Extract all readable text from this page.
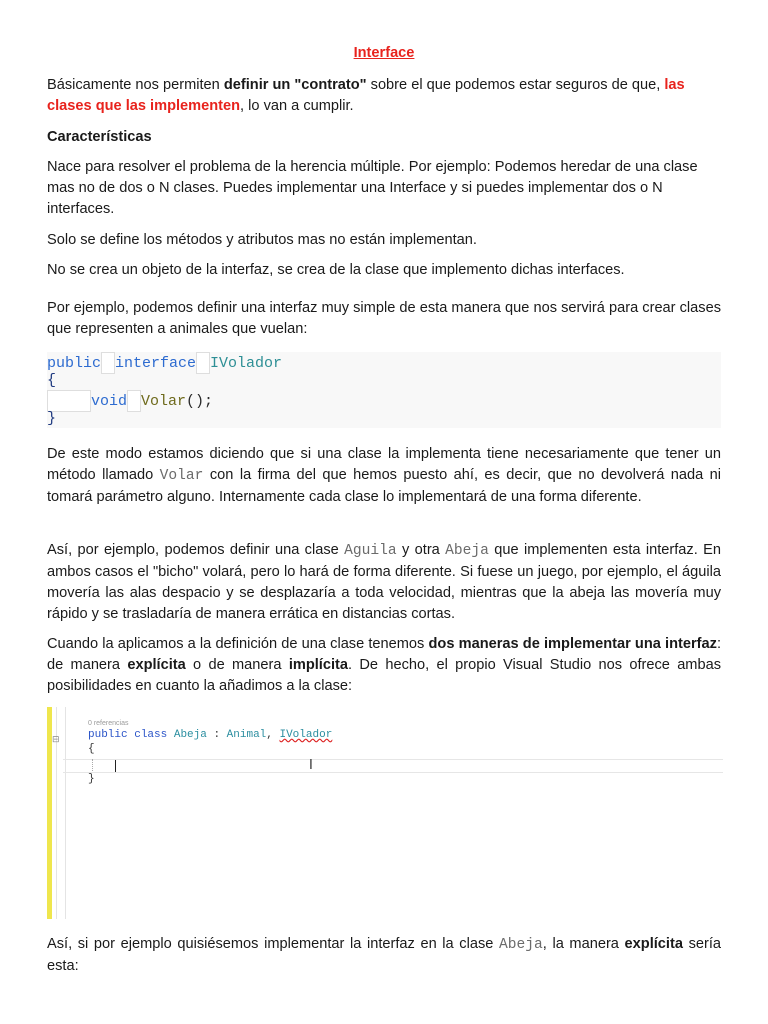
Interface

Básicamente nos permiten definir un "contrato" sobre el que podemos estar seguros de que, las clases que las implementen, lo van a cumplir.

Características

Nace para resolver el problema de la herencia múltiple. Por ejemplo: Podemos heredar de una clase mas no de dos o N clases. Puedes implementar una Interface y si puedes implementar dos o N interfaces.

Solo se define los métodos y atributos mas no están implementan.

No se crea un objeto de la interfaz, se crea de la clase que implemento dichas interfaces.

Por ejemplo, podemos definir una interfaz muy simple de esta manera que nos servirá para crear clases que representen a animales que vuelan:

public interface IVolador
{
void Volar();
}

De este modo estamos diciendo que si una clase la implementa tiene necesariamente que tener un método llamado Volar con la firma del que hemos puesto ahí, es decir, que no devolverá nada ni tomará parámetro alguno. Internamente cada clase lo implementará de una forma diferente.

Así, por ejemplo, podemos definir una clase Aguila y otra Abeja que implementen esta interfaz. En ambos casos el "bicho" volará, pero lo hará de forma diferente. Si fuese un juego, por ejemplo, el águila movería las alas despacio y se desplazaría a toda velocidad, mientras que la abeja las movería muy rápido y se trasladaría de manera errática en distancias cortas.

Cuando la aplicamos a la definición de una clase tenemos dos maneras de implementar una interfaz: de manera explícita o de manera implícita. De hecho, el propio Visual Studio nos ofrece ambas posibilidades en cuanto la añadimos a la clase:

⊟
0 referencias
public class Abeja : Animal, IVolador
{
I
}

Así, si por ejemplo quisiésemos implementar la interfaz en la clase Abeja, la manera explícita sería esta:
